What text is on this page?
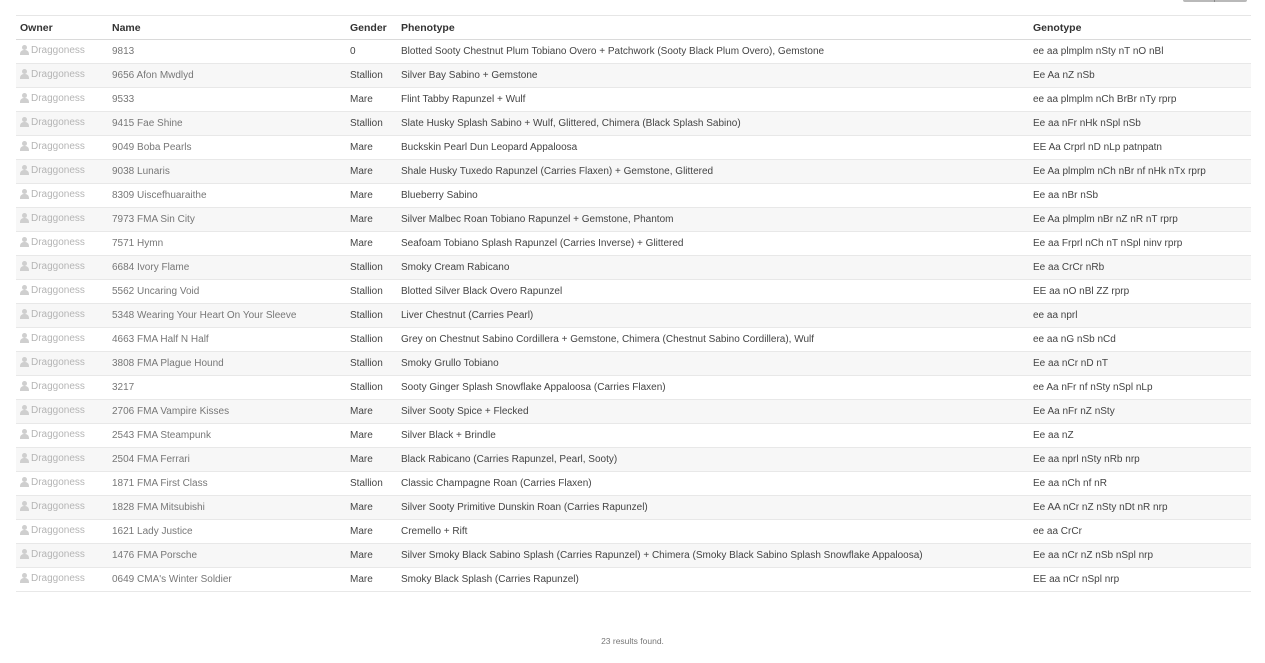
Owner	Name	Gender	Phenotype	Genotype

Draggoness	9813	0	Blotted Sooty Chestnut Plum Tobiano Overo + Patchwork (Sooty Black Plum Overo), Gemstone	ee aa plmplm nSty nT nO nBl

Draggoness	9656 Afon Mwdlyd	Stallion	Silver Bay Sabino + Gemstone	Ee Aa nZ nSb

Draggoness	9533	Mare	Flint Tabby Rapunzel + Wulf	ee aa plmplm nCh BrBr nTy rprp

Draggoness	9415 Fae Shine	Stallion	Slate Husky Splash Sabino + Wulf, Glittered, Chimera (Black Splash Sabino)	Ee aa nFr nHk nSpl nSb

Draggoness	9049 Boba Pearls	Mare	Buckskin Pearl Dun Leopard Appaloosa	EE Aa Crprl nD nLp patnpatn

Draggoness	9038 Lunaris	Mare	Shale Husky Tuxedo Rapunzel (Carries Flaxen) + Gemstone, Glittered	Ee Aa plmplm nCh nBr nf nHk nTx rprp

Draggoness	8309 Uiscefhuaraithe	Mare	Blueberry Sabino	Ee aa nBr nSb

Draggoness	7973 FMA Sin City	Mare	Silver Malbec Roan Tobiano Rapunzel + Gemstone, Phantom	Ee Aa plmplm nBr nZ nR nT rprp

Draggoness	7571 Hymn	Mare	Seafoam Tobiano Splash Rapunzel (Carries Inverse) + Glittered	Ee aa Frprl nCh nT nSpl ninv rprp

Draggoness	6684 Ivory Flame	Stallion	Smoky Cream Rabicano	Ee aa CrCr nRb

Draggoness	5562 Uncaring Void	Stallion	Blotted Silver Black Overo Rapunzel	EE aa nO nBl ZZ rprp

Draggoness	5348 Wearing Your Heart On Your Sleeve	Stallion	Liver Chestnut (Carries Pearl)	ee aa nprl

Draggoness	4663 FMA Half N Half	Stallion	Grey on Chestnut Sabino Cordillera + Gemstone, Chimera (Chestnut Sabino Cordillera), Wulf	ee aa nG nSb nCd

Draggoness	3808 FMA Plague Hound	Stallion	Smoky Grullo Tobiano	Ee aa nCr nD nT

Draggoness	3217	Stallion	Sooty Ginger Splash Snowflake Appaloosa (Carries Flaxen)	ee Aa nFr nf nSty nSpl nLp

Draggoness	2706 FMA Vampire Kisses	Mare	Silver Sooty Spice + Flecked	Ee Aa nFr nZ nSty

Draggoness	2543 FMA Steampunk	Mare	Silver Black + Brindle	Ee aa nZ

Draggoness	2504 FMA Ferrari	Mare	Black Rabicano (Carries Rapunzel, Pearl, Sooty)	Ee aa nprl nSty nRb nrp

Draggoness	1871 FMA First Class	Stallion	Classic Champagne Roan (Carries Flaxen)	Ee aa nCh nf nR

Draggoness	1828 FMA Mitsubishi	Mare	Silver Sooty Primitive Dunskin Roan (Carries Rapunzel)	Ee AA nCr nZ nSty nDt nR nrp

Draggoness	1621 Lady Justice	Mare	Cremello + Rift	ee aa CrCr

Draggoness	1476 FMA Porsche	Mare	Silver Smoky Black Sabino Splash (Carries Rapunzel) + Chimera (Smoky Black Sabino Splash Snowflake Appaloosa)	Ee aa nCr nZ nSb nSpl nrp

Draggoness	0649 CMA's Winter Soldier	Mare	Smoky Black Splash (Carries Rapunzel)	EE aa nCr nSpl nrp
23 results found.
